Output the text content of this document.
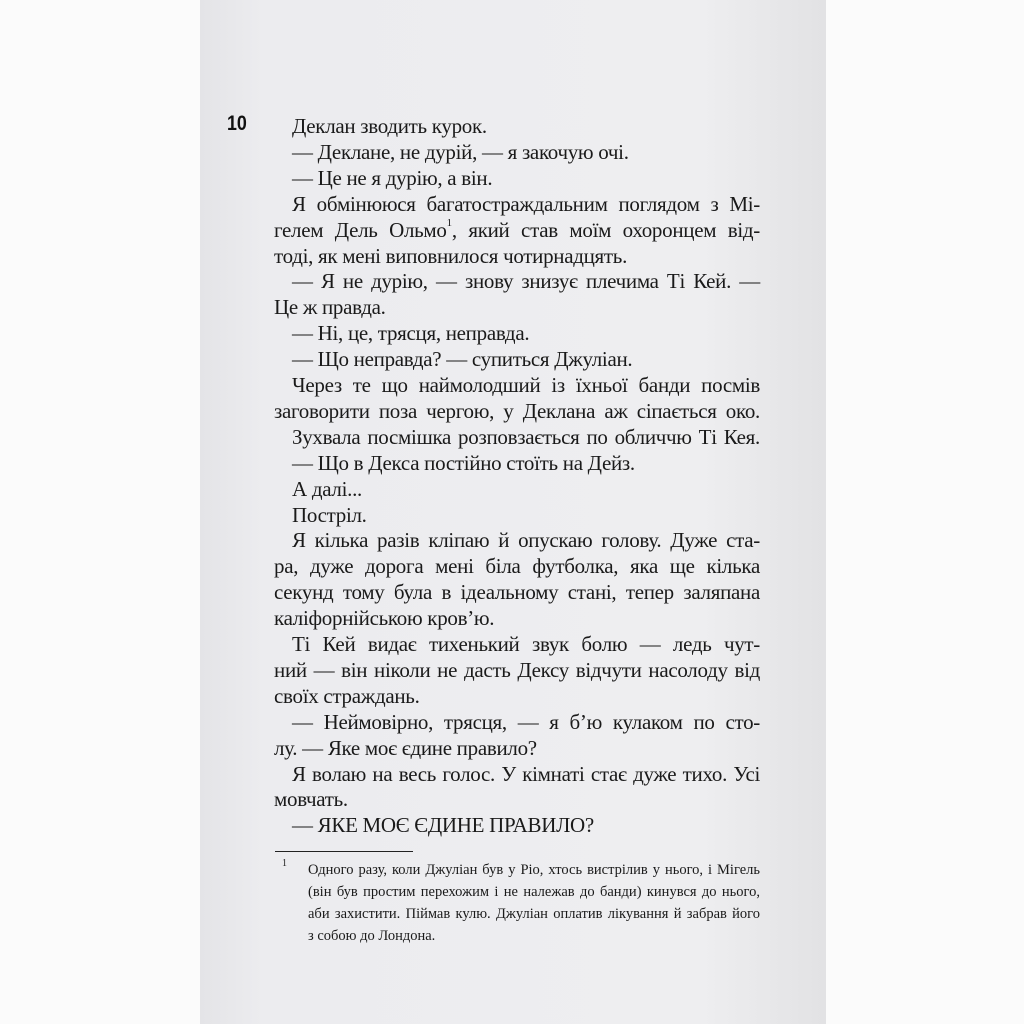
10 Деклан зводить курок.
— Деклане, не дурій, — я закочую очі.
— Це не я дурію, а він.
Я обмінююся багатостраждальним поглядом з Мі-
гелем Дель Ольмо$^1$, який став моїм охоронцем від-
тоді, як мені виповнилося чотирнадцять.
— Я не дурію, — знову знизує плечима Ті Кей. —
Це ж правда.
— Ні, це, трясця, неправда.
— Що неправда? — супиться Джуліан.
Через те що наймолодший із їхньої банди посмів
заговорити поза чергою, у Деклана аж сіпається око.
Зухвала посмішка розповзається по обличчю Ті Кея.
— Що в Декса постійно стоїть на Дейз.
А далі...
Постріл.
Я кілька разів кліпаю й опускаю голову. Дуже ста-
ра, дуже дорога мені біла футболка, яка ще кілька
секунд тому була в ідеальному стані, тепер заляпана
каліфорнійською кров’ю.
Ті Кей видає тихенький звук болю — ледь чут-
ний — він ніколи не дасть Дексу відчути насолоду від
своїх страждань.
— Неймовірно, трясця, — я б’ю кулаком по сто-
лу. — Яке моє єдине правило?
Я волаю на весь голос. У кімнаті стає дуже тихо. Усі
мовчать.
— ЯКЕ МОЄ ЄДИНЕ ПРАВИЛО?
1 Одного разу, коли Джуліан був у Ріо, хтось вистрілив у нього, і Мігель
(він був простим перехожим і не належав до банди) кинувся до нього,
аби захистити. Піймав кулю. Джуліан оплатив лікування й забрав його
з собою до Лондона.
